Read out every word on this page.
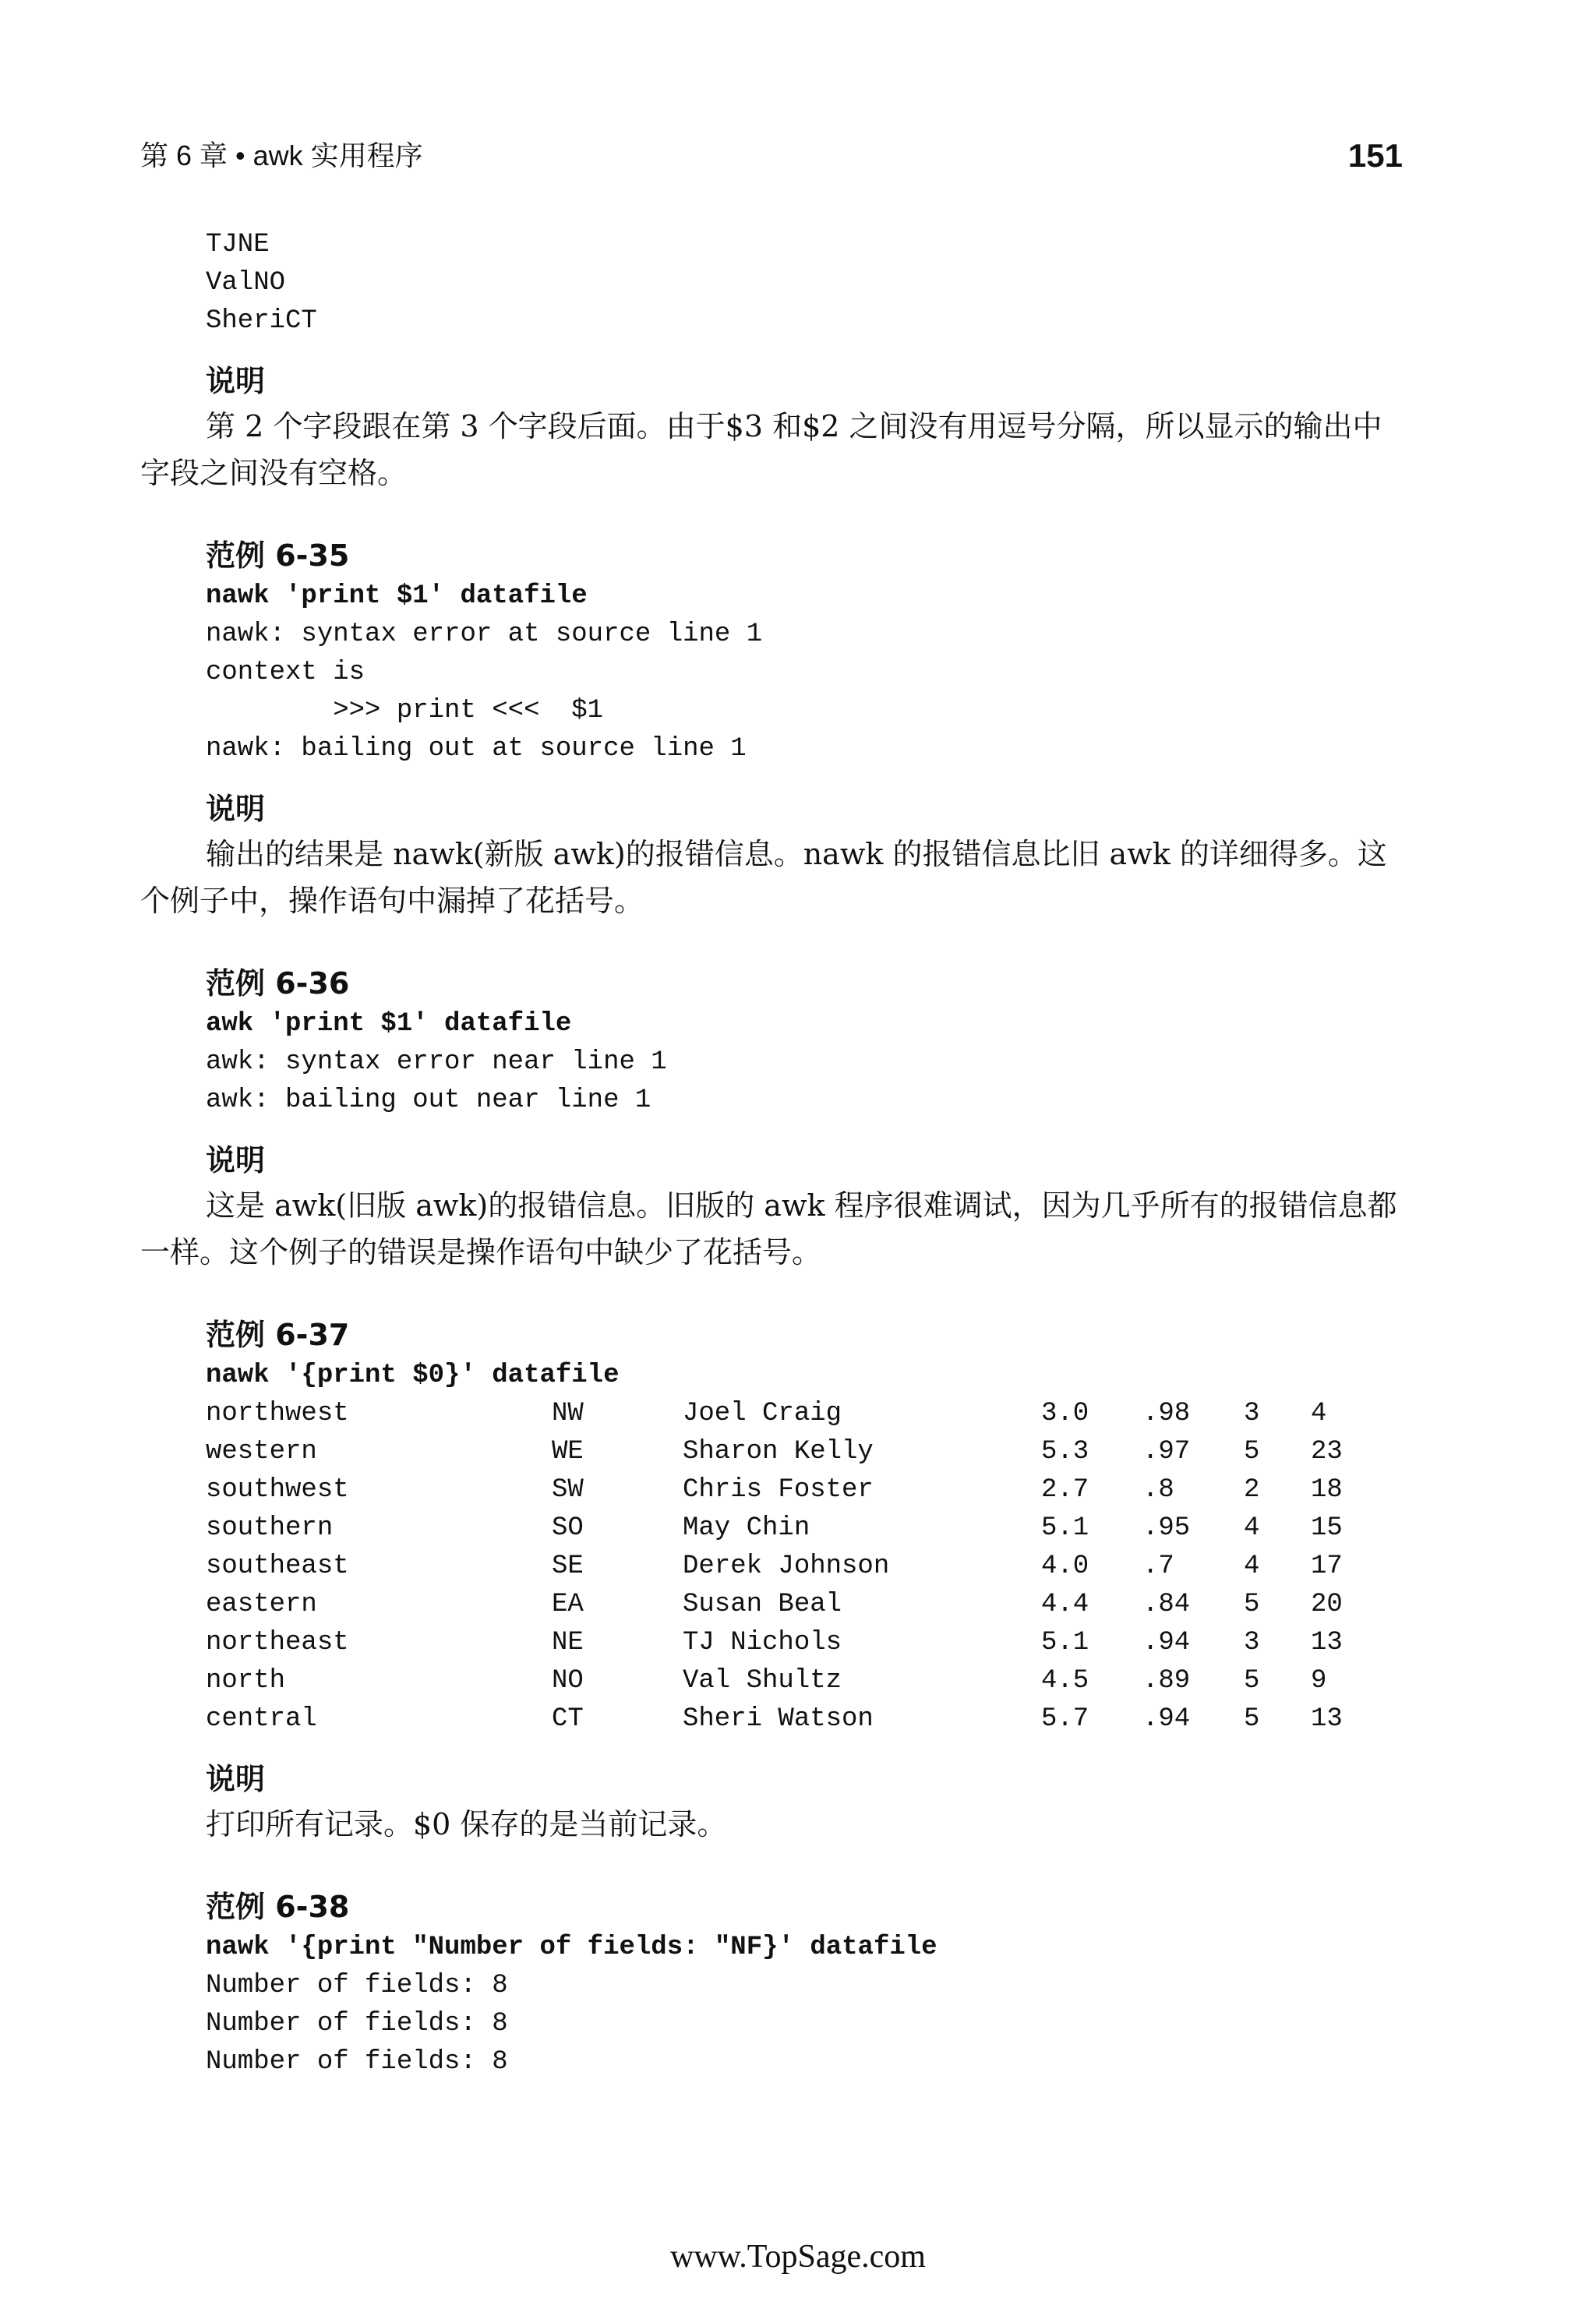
第 6 章 • awk 实用程序	151
TJNE
ValNO
SheriCT
说明

第 2 个字段跟在第 3 个字段后面。由于$3 和$2 之间没有用逗号分隔，所以显示的输出中字段之间没有空格。

范例 6-35
nawk 'print $1' datafile
nawk: syntax error at source line 1
context is
>>> print <<<  $1
nawk: bailing out at source line 1
说明

输出的结果是 nawk(新版 awk)的报错信息。nawk 的报错信息比旧 awk 的详细得多。这个例子中，操作语句中漏掉了花括号。

范例 6-36
awk 'print $1' datafile
awk: syntax error near line 1
awk: bailing out near line 1
说明

这是 awk(旧版 awk)的报错信息。旧版的 awk 程序很难调试，因为几乎所有的报错信息都一样。这个例子的错误是操作语句中缺少了花括号。

范例 6-37
nawk '{print $0}' datafile
northwest	NW	Joel Craig	3.0	.98	3	4
western	WE	Sharon Kelly	5.3	.97	5	23
southwest	SW	Chris Foster	2.7	.8	2	18
southern	SO	May Chin	5.1	.95	4	15
southeast	SE	Derek Johnson	4.0	.7	4	17
eastern	EA	Susan Beal	4.4	.84	5	20
northeast	NE	TJ Nichols	5.1	.94	3	13
north	NO	Val Shultz	4.5	.89	5	9
central	CT	Sheri Watson	5.7	.94	5	13
说明

打印所有记录。$0 保存的是当前记录。

范例 6-38
nawk '{print "Number of fields: "NF}' datafile
Number of fields: 8
Number of fields: 8
Number of fields: 8
www.TopSage.com
